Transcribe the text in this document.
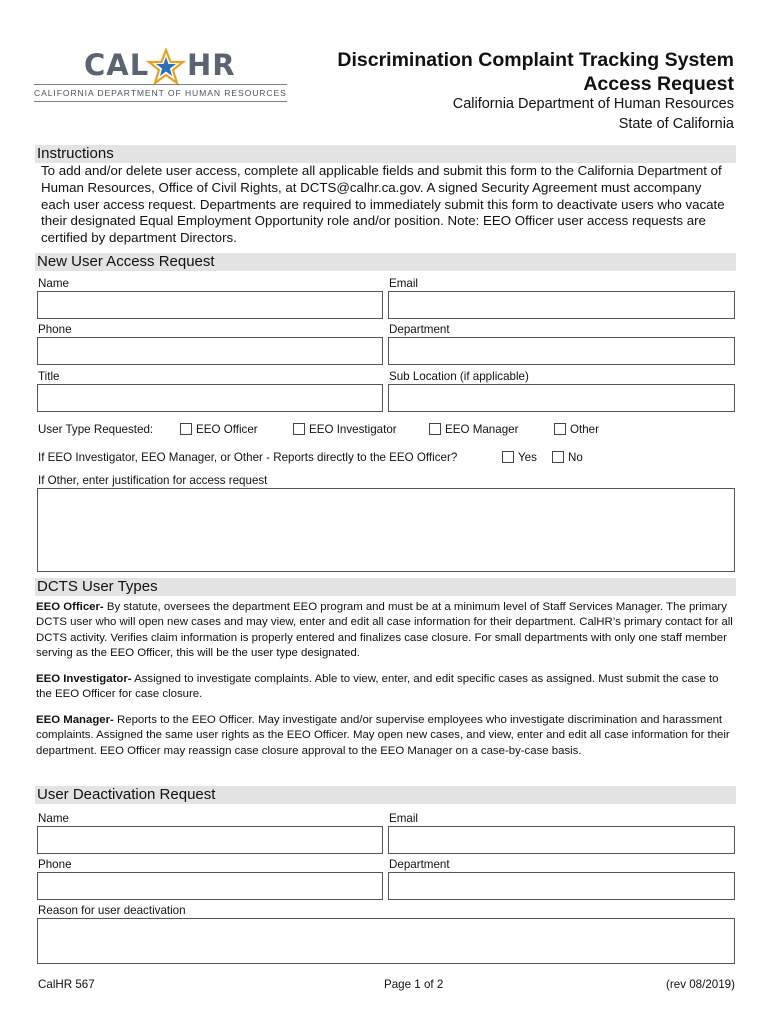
CAL HR
CALIFORNIA DEPARTMENT OF HUMAN RESOURCES
Discrimination Complaint Tracking System
Access Request
California Department of Human Resources
State of California
Instructions
To add and/or delete user access, complete all applicable fields and submit this form to the California Department of Human Resources, Office of Civil Rights, at DCTS@calhr.ca.gov. A signed Security Agreement must accompany each user access request. Departments are required to immediately submit this form to deactivate users who vacate their designated Equal Employment Opportunity role and/or position. Note: EEO Officer user access requests are certified by department Directors.
New User Access Request
Name	Email
Phone	Department
Title	Sub Location (if applicable)
User Type Requested:	EEO Officer	EEO Investigator	EEO Manager	Other
If EEO Investigator, EEO Manager, or Other - Reports directly to the EEO Officer?	Yes	No
If Other, enter justification for access request
DCTS User Types
EEO Officer- By statute, oversees the department EEO program and must be at a minimum level of Staff Services Manager. The primary DCTS user who will open new cases and may view, enter and edit all case information for their department. CalHR’s primary contact for all DCTS activity. Verifies claim information is properly entered and finalizes case closure. For small departments with only one staff member serving as the EEO Officer, this will be the user type designated.
EEO Investigator- Assigned to investigate complaints. Able to view, enter, and edit specific cases as assigned. Must submit the case to the EEO Officer for case closure.
EEO Manager- Reports to the EEO Officer. May investigate and/or supervise employees who investigate discrimination and harassment complaints. Assigned the same user rights as the EEO Officer. May open new cases, and view, enter and edit all case information for their department. EEO Officer may reassign case closure approval to the EEO Manager on a case-by-case basis.
User Deactivation Request
Name	Email
Phone	Department
Reason for user deactivation
CalHR 567	Page 1 of 2	(rev 08/2019)
